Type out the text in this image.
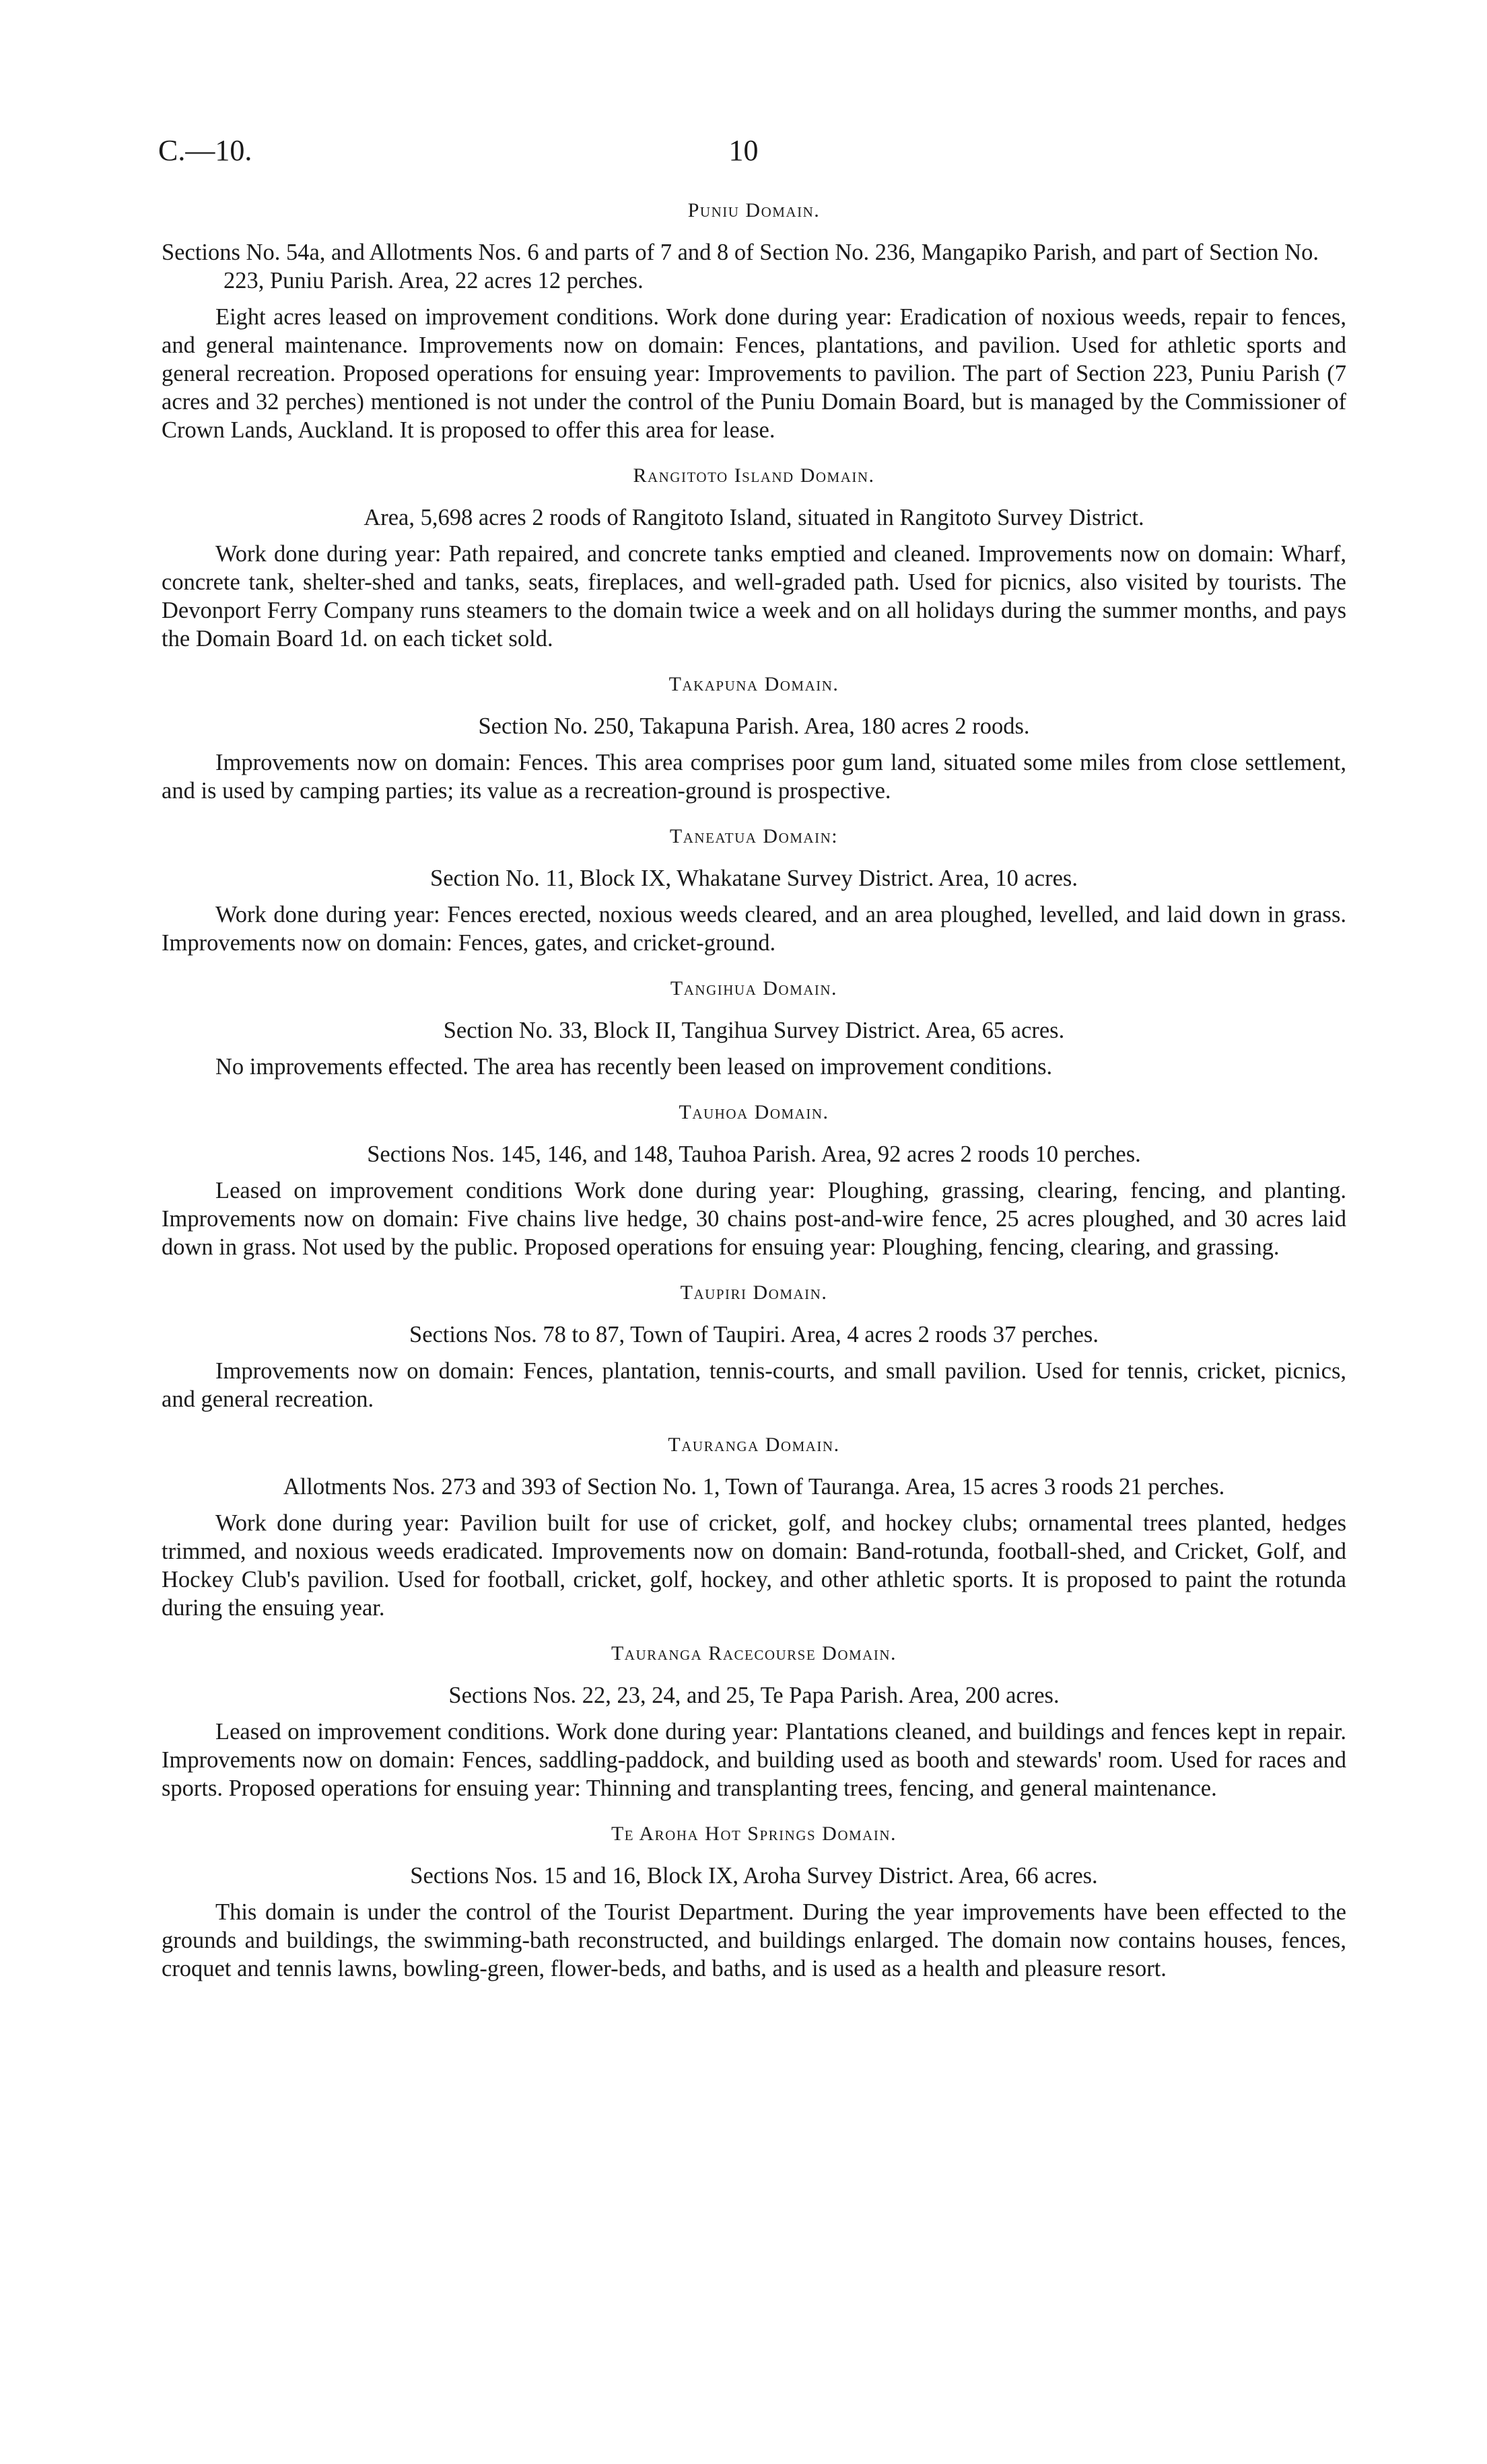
C.—10.	10
Puniu Domain.

Sections No. 54a, and Allotments Nos. 6 and parts of 7 and 8 of Section No. 236, Mangapiko Parish, and part of Section No. 223, Puniu Parish. Area, 22 acres 12 perches.

Eight acres leased on improvement conditions. Work done during year: Eradication of noxious weeds, repair to fences, and general maintenance. Improvements now on domain: Fences, plantations, and pavilion. Used for athletic sports and general recreation. Proposed operations for ensuing year: Improvements to pavilion. The part of Section 223, Puniu Parish (7 acres and 32 perches) mentioned is not under the control of the Puniu Domain Board, but is managed by the Commissioner of Crown Lands, Auckland. It is proposed to offer this area for lease.

Rangitoto Island Domain.

Area, 5,698 acres 2 roods of Rangitoto Island, situated in Rangitoto Survey District.

Work done during year: Path repaired, and concrete tanks emptied and cleaned. Improvements now on domain: Wharf, concrete tank, shelter-shed and tanks, seats, fireplaces, and well-graded path. Used for picnics, also visited by tourists. The Devonport Ferry Company runs steamers to the domain twice a week and on all holidays during the summer months, and pays the Domain Board 1d. on each ticket sold.

Takapuna Domain.

Section No. 250, Takapuna Parish. Area, 180 acres 2 roods.

Improvements now on domain: Fences. This area comprises poor gum land, situated some miles from close settlement, and is used by camping parties; its value as a recreation-ground is prospective.

Taneatua Domain:

Section No. 11, Block IX, Whakatane Survey District. Area, 10 acres.

Work done during year: Fences erected, noxious weeds cleared, and an area ploughed, levelled, and laid down in grass. Improvements now on domain: Fences, gates, and cricket-ground.

Tangihua Domain.

Section No. 33, Block II, Tangihua Survey District. Area, 65 acres.

No improvements effected. The area has recently been leased on improvement conditions.

Tauhoa Domain.

Sections Nos. 145, 146, and 148, Tauhoa Parish. Area, 92 acres 2 roods 10 perches.

Leased on improvement conditions Work done during year: Ploughing, grassing, clearing, fencing, and planting. Improvements now on domain: Five chains live hedge, 30 chains post-and-wire fence, 25 acres ploughed, and 30 acres laid down in grass. Not used by the public. Proposed operations for ensuing year: Ploughing, fencing, clearing, and grassing.

Taupiri Domain.

Sections Nos. 78 to 87, Town of Taupiri. Area, 4 acres 2 roods 37 perches.

Improvements now on domain: Fences, plantation, tennis-courts, and small pavilion. Used for tennis, cricket, picnics, and general recreation.

Tauranga Domain.

Allotments Nos. 273 and 393 of Section No. 1, Town of Tauranga. Area, 15 acres 3 roods 21 perches.

Work done during year: Pavilion built for use of cricket, golf, and hockey clubs; ornamental trees planted, hedges trimmed, and noxious weeds eradicated. Improvements now on domain: Band-rotunda, football-shed, and Cricket, Golf, and Hockey Club's pavilion. Used for football, cricket, golf, hockey, and other athletic sports. It is proposed to paint the rotunda during the ensuing year.

Tauranga Racecourse Domain.

Sections Nos. 22, 23, 24, and 25, Te Papa Parish. Area, 200 acres.

Leased on improvement conditions. Work done during year: Plantations cleaned, and buildings and fences kept in repair. Improvements now on domain: Fences, saddling-paddock, and building used as booth and stewards' room. Used for races and sports. Proposed operations for ensuing year: Thinning and transplanting trees, fencing, and general maintenance.

Te Aroha Hot Springs Domain.

Sections Nos. 15 and 16, Block IX, Aroha Survey District. Area, 66 acres.

This domain is under the control of the Tourist Department. During the year improvements have been effected to the grounds and buildings, the swimming-bath reconstructed, and buildings enlarged. The domain now contains houses, fences, croquet and tennis lawns, bowling-green, flower-beds, and baths, and is used as a health and pleasure resort.
